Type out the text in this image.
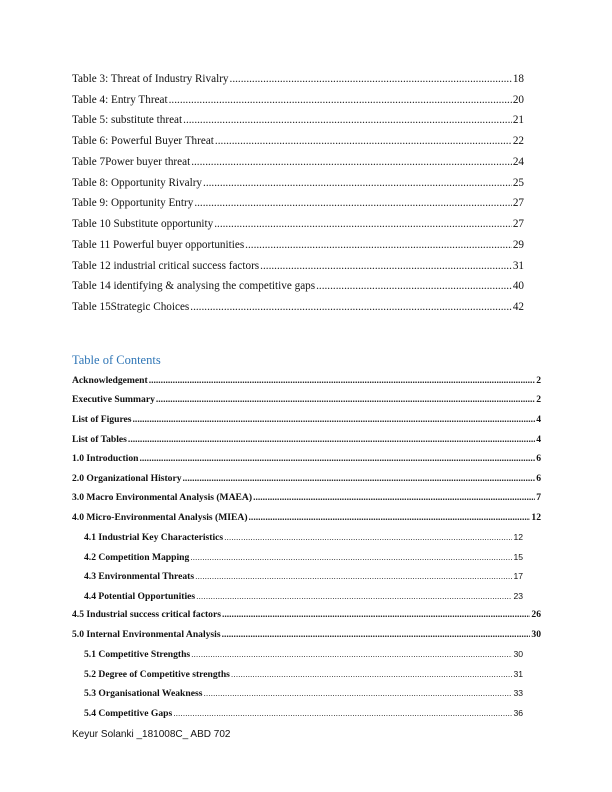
Table 3: Threat of Industry Rivalry .....	18
Table 4: Entry Threat .....	20
Table 5: substitute threat .....	21
Table 6: Powerful Buyer Threat .....	22
Table 7Power buyer threat .....	24
Table 8: Opportunity Rivalry .....	25
Table 9: Opportunity Entry .....	27
Table 10 Substitute opportunity .....	27
Table 11 Powerful buyer opportunities .....	29
Table 12 industrial critical success factors .....	31
Table 14 identifying & analysing the competitive gaps .....	40
Table 15Strategic Choices .....	42
Table of Contents
Acknowledgement .....	2
Executive Summary .....	2
List of Figures .....	4
List of Tables .....	4
1.0 Introduction .....	6
2.0 Organizational History .....	6
3.0 Macro Environmental Analysis (MAEA) .....	7
4.0 Micro-Environmental Analysis (MIEA) .....	12
4.1 Industrial Key Characteristics .....	12
4.2 Competition Mapping .....	15
4.3 Environmental Threats .....	17
4.4 Potential Opportunities .....	23
4.5 Industrial success critical factors .....	26
5.0 Internal Environmental Analysis .....	30
5.1 Competitive Strengths .....	30
5.2 Degree of Competitive strengths .....	31
5.3 Organisational Weakness .....	33
5.4 Competitive Gaps .....	36
Keyur Solanki _181008C_ ABD 702
